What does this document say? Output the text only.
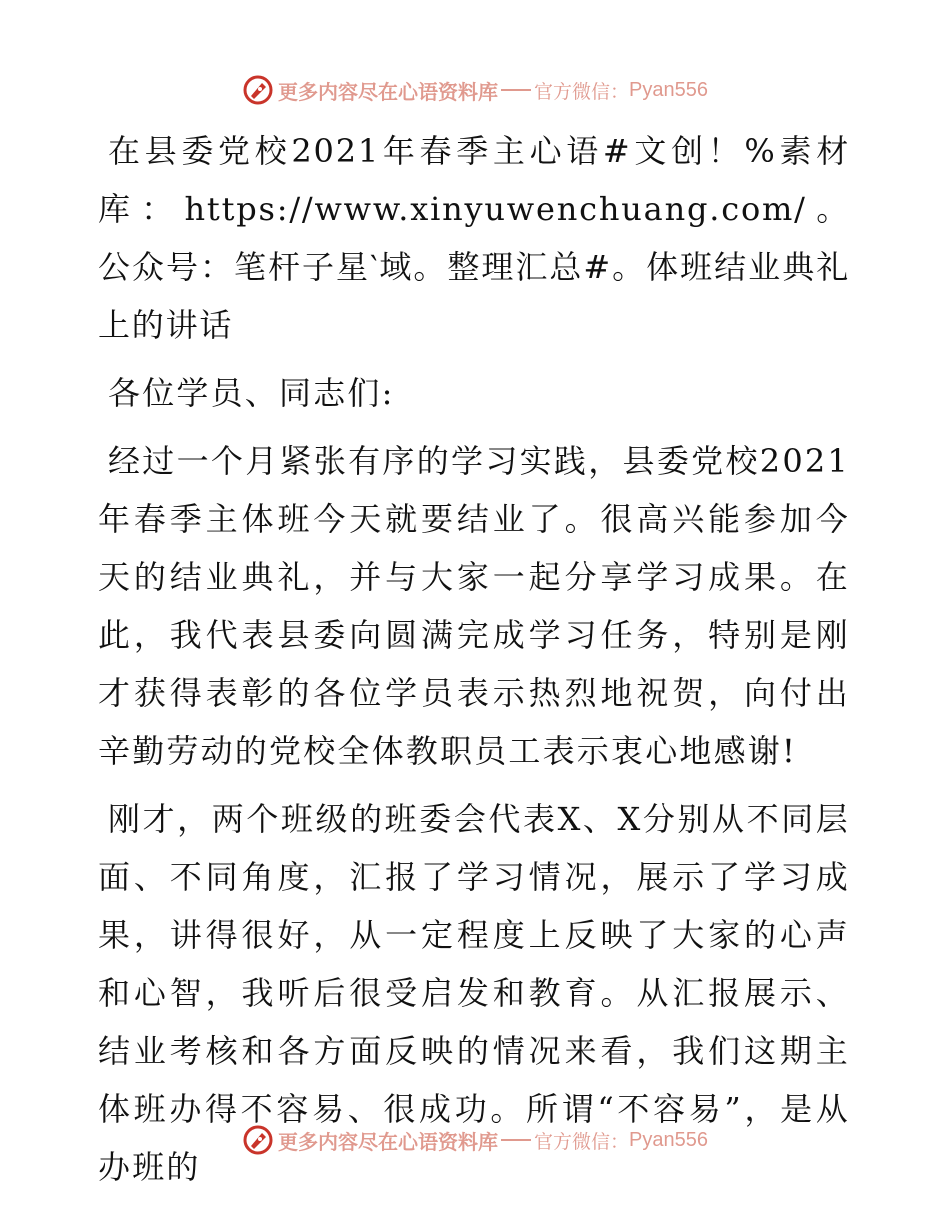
更多内容尽在心语资料库 官方微信： Pyan556

在县委党校2021年春季主心语#文创！%素材库：https://www.xinyuwenchuang.com/。公众号：笔杆子星‵域。整理汇总#。体班结业典礼上的讲话

各位学员、同志们:

经过一个月紧张有序的学习实践，县委党校2021年春季主体班今天就要结业了。很高兴能参加今天的结业典礼，并与大家一起分享学习成果。在此，我代表县委向圆满完成学习任务，特别是刚才获得表彰的各位学员表示热烈地祝贺，向付出辛勤劳动的党校全体教职员工表示衷心地感谢!

刚才，两个班级的班委会代表X、X分别从不同层面、不同角度，汇报了学习情况，展示了学习成果，讲得很好，从一定程度上反映了大家的心声和心智，我听后很受启发和教育。从汇报展示、结业考核和各方面反映的情况来看，我们这期主体班办得不容易、很成功。所谓“不容易”，是从办班的

更多内容尽在心语资料库 官方微信： Pyan556
